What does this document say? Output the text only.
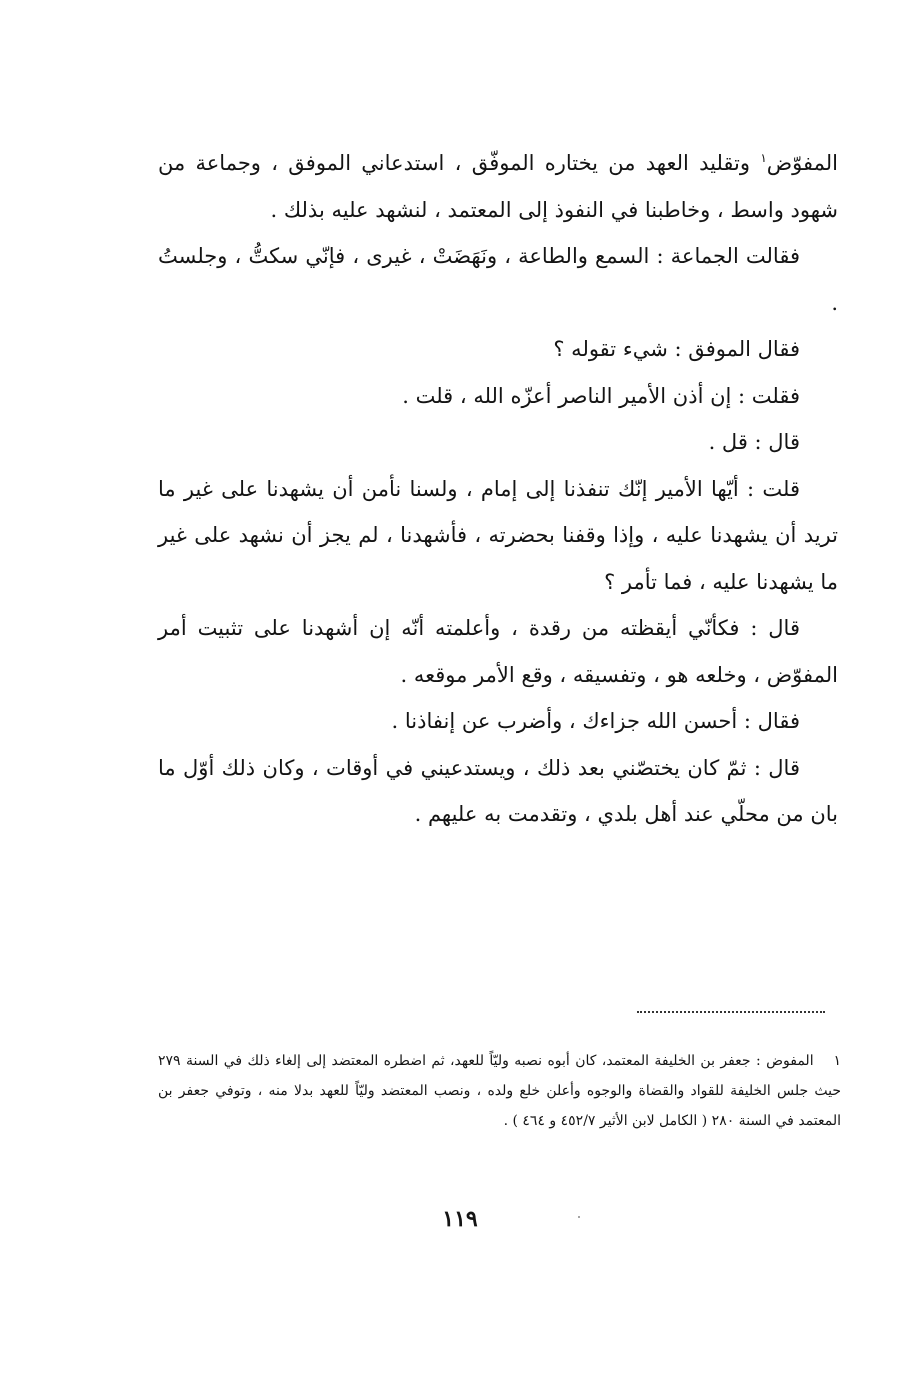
المفوّض$^١$ وتقليد العهد من يختاره الموفّق ، استدعاني الموفق ، وجماعة من شهود واسط ، وخاطبنا في النفوذ إلى المعتمد ، لنشهد عليه بذلك .

فقالت الجماعة : السمع والطاعة ، ونَهَضَتْ ، غيرى ، فإنّي سكتُّ ، وجلستُ .

فقال الموفق : شيء تقوله ؟

فقلت : إن أذن الأمير الناصر أعزّه الله ، قلت .

قال : قل .

قلت : أيّها الأمير إنّك تنفذنا إلى إمام ، ولسنا نأمن أن يشهدنا على غير ما تريد أن يشهدنا عليه ، وإذا وقفنا بحضرته ، فأشهدنا ، لم يجز أن نشهد على غير ما يشهدنا عليه ، فما تأمر ؟

قال : فكأنّي أيقظته من رقدة ، وأعلمته أنّه إن أشهدنا على تثبيت أمر المفوّض ، وخلعه هو ، وتفسيقه ، وقع الأمر موقعه .

فقال : أحسن الله جزاءك ، وأضرب عن إنفاذنا .

قال : ثمّ كان يختصّني بعد ذلك ، ويستدعيني في أوقات ، وكان ذلك أوّل ما بان من محلّي عند أهل بلدي ، وتقدمت به عليهم .

١ المفوض : جعفر بن الخليفة المعتمد، كان أبوه نصبه وليّاً للعهد، ثم اضطره المعتضد إلى إلغاء ذلك في السنة ٢٧٩ حيث جلس الخليفة للقواد والقضاة والوجوه وأعلن خلع ولده ، ونصب المعتضد وليّاً للعهد بدلا منه ، وتوفي جعفر بن المعتمد في السنة ٢٨٠ ( الكامل لابن الأثير ٤٥٢/٧ و ٤٦٤ ) .

١١٩
